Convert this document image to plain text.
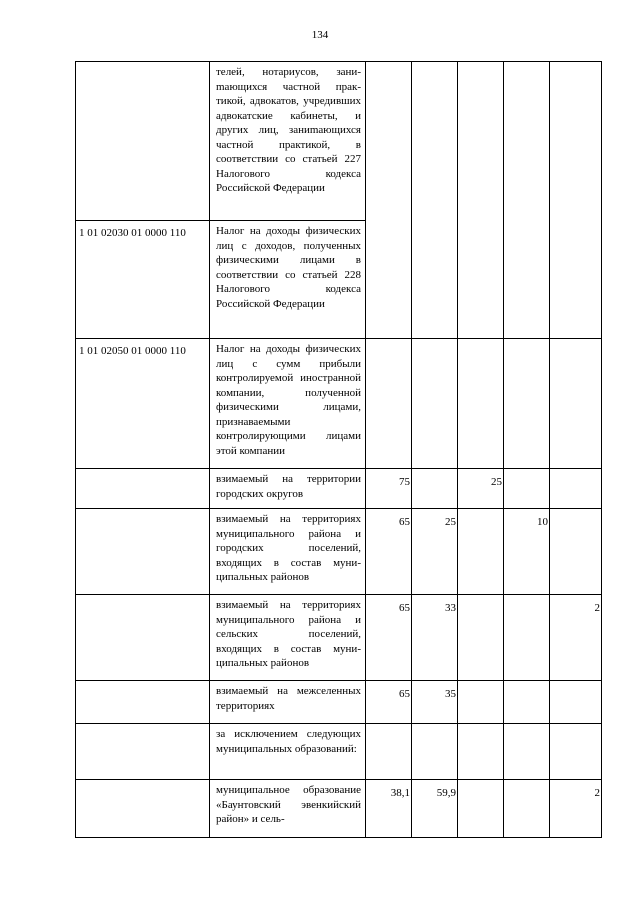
134
	телей, нотариусов, заниmающихся частной практикой, адвокатов, учредивших адвокатские кабинеты, и других лиц, заниmающихся частной практикой, в соответствии со статьей 227 Налогового кодекса Российской Федерации					
1 01 02030 01 0000 110	Налог на доходы физических лиц с доходов, полученных физическими лицами в соответствии со статьей 228 Налогового кодекса Российской Федерации					
1 01 02050 01 0000 110	Налог на доходы физических лиц с сумм прибыли контролируемой иностранной компании, полученной физическими лицами, признаваемыми контролирующими лицами этой компании					
	взимаемый на территории городских округов	75		25		
	взимаемый на территориях муниципального района и городских поселений, входящих в состав муниципальных районов	65	25		10	
	взимаемый на территориях муниципального района и сельских поселений, входящих в состав муниципальных районов	65	33			2
	взимаемый на межселенных территориях	65	35			
	за исключением следующих муниципальных образований:					
	муниципальное образование «Баунтовский эвенкийский район» и сель-	38,1	59,9			2
